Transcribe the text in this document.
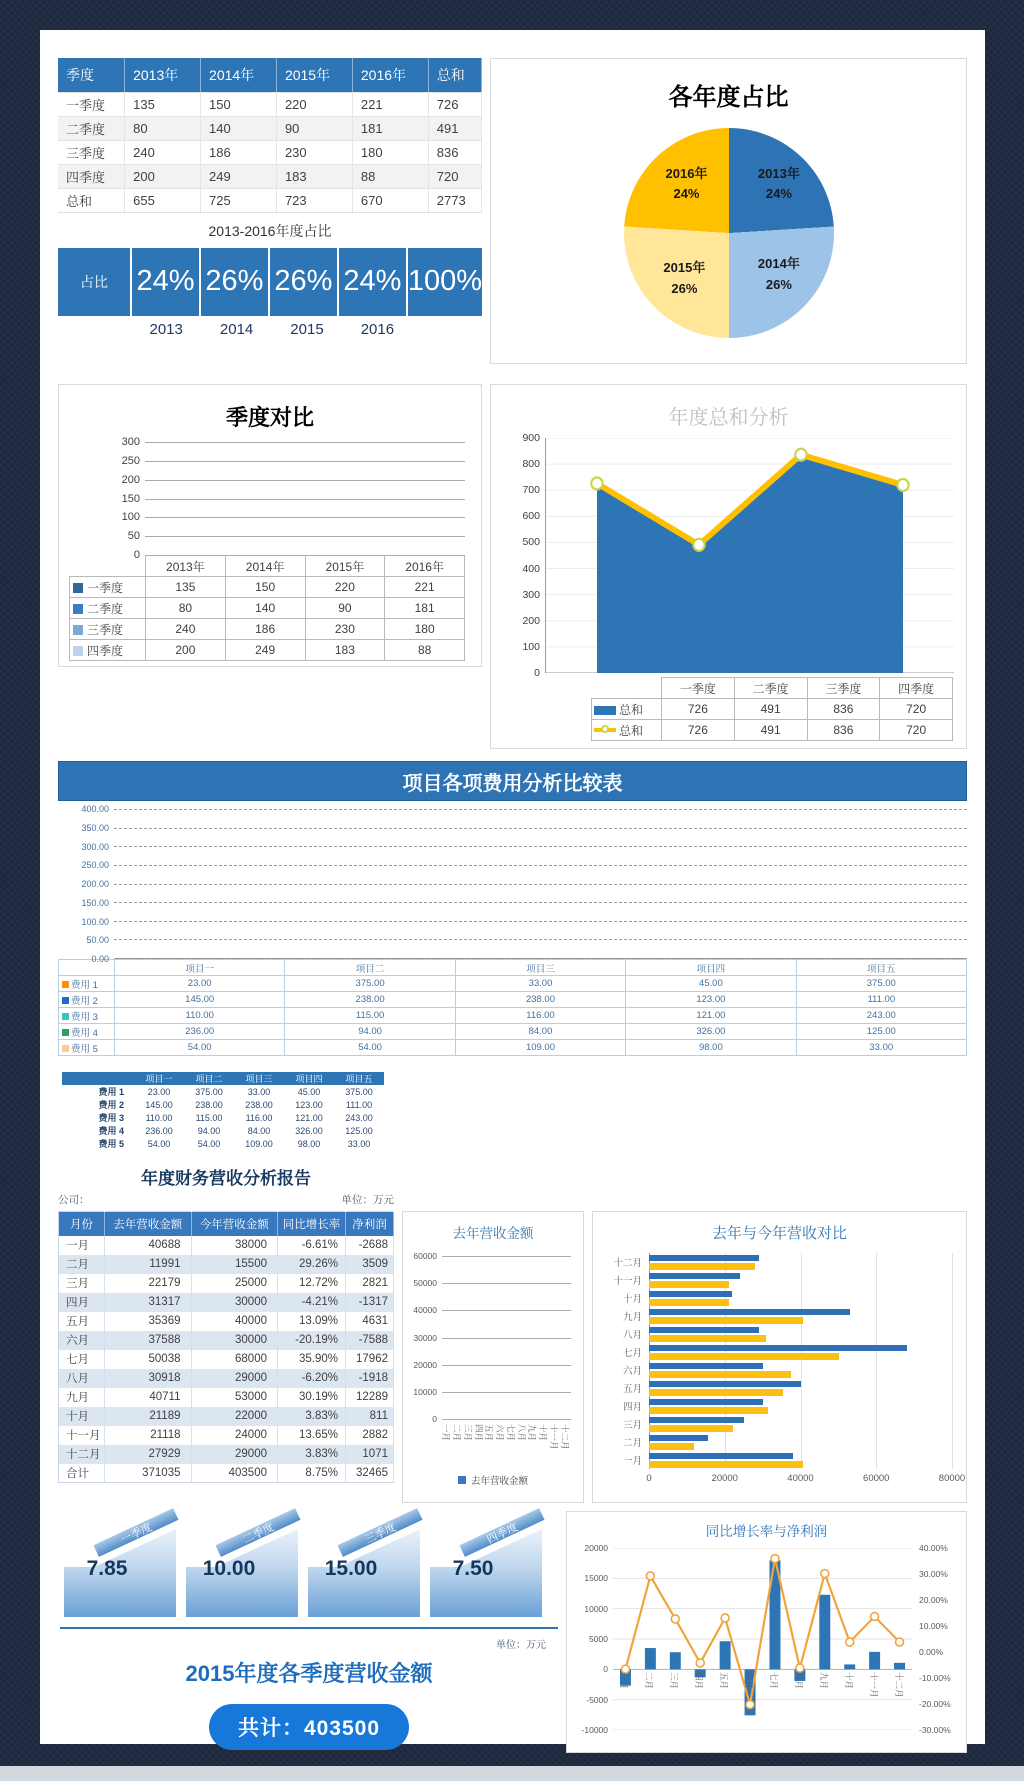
季度	2013年	2014年	2015年	2016年	总和
一季度	135	150	220	221	726
二季度	80	140	90	181	491
三季度	240	186	230	180	836
四季度	200	249	183	88	720
总和	655	725	723	670	2773
2013-2016年度占比
占比 24% 26% 26% 24% 100%
2013	2014	2015	2016
各年度占比
2013年
24%
2014年
26%
2015年
26%
2016年
24%
季度对比
300
250
200
150
100
50
0
	2013年	2014年	2015年	2016年
一季度	135	150	220	221
二季度	80	140	90	181
三季度	240	186	230	180
四季度	200	249	183	88
年度总和分析
900
800
700
600
500
400
300
200
100
0
	一季度	二季度	三季度	四季度
总和	726	491	836	720

总和	726	491	836	720
项目各项费用分析比较表
400.00
350.00
300.00
250.00
200.00
150.00
100.00
50.00
0.00
	项目一	项目二	项目三	项目四	项目五
费用 1	23.00	375.00	33.00	45.00	375.00
费用 2	145.00	238.00	238.00	123.00	111.00
费用 3	110.00	115.00	116.00	121.00	243.00
费用 4	236.00	94.00	84.00	326.00	125.00
费用 5	54.00	54.00	109.00	98.00	33.00
	项目一	项目二	项目三	项目四	项目五
费用 1	23.00	375.00	33.00	45.00	375.00
费用 2	145.00	238.00	238.00	123.00	111.00
费用 3	110.00	115.00	116.00	121.00	243.00
费用 4	236.00	94.00	84.00	326.00	125.00
费用 5	54.00	54.00	109.00	98.00	33.00
年度财务营收分析报告
公司：	单位：万元
月份	去年营收金额	今年营收金额	同比增长率	净利润
一月	40688	38000	-6.61%	-2688
二月	11991	15500	29.26%	3509
三月	22179	25000	12.72%	2821
四月	31317	30000	-4.21%	-1317
五月	35369	40000	13.09%	4631
六月	37588	30000	-20.19%	-7588
七月	50038	68000	35.90%	17962
八月	30918	29000	-6.20%	-1918
九月	40711	53000	30.19%	12289
十月	21189	22000	3.83%	811
十一月	21118	24000	13.65%	2882
十二月	27929	29000	3.83%	1071
合计	371035	403500	8.75%	32465
去年营收金额
60000
50000
40000
30000
20000
10000
0
一月 二月 三月 四月 五月 六月 七月 八月 九月 十月 十一月 十二月
去年营收金额
去年与今年营收对比
十二月
十一月
十月
九月
八月
七月
六月
五月
四月
三月
二月
一月
0	20000	40000	60000	80000
一季度
7.85
二季度
10.00
三季度
15.00
四季度
7.50
单位：万元
2015年度各季度营收金额
共计：403500
同比增长率与净利润
20000
15000
10000
5000
0
-5000
-10000
一月 二月 三月 四月 五月 六月 七月 八月 九月 十月 十一月 十二月
40.00%
30.00%
20.00%
10.00%
0.00%
-10.00%
-20.00%
-30.00%
